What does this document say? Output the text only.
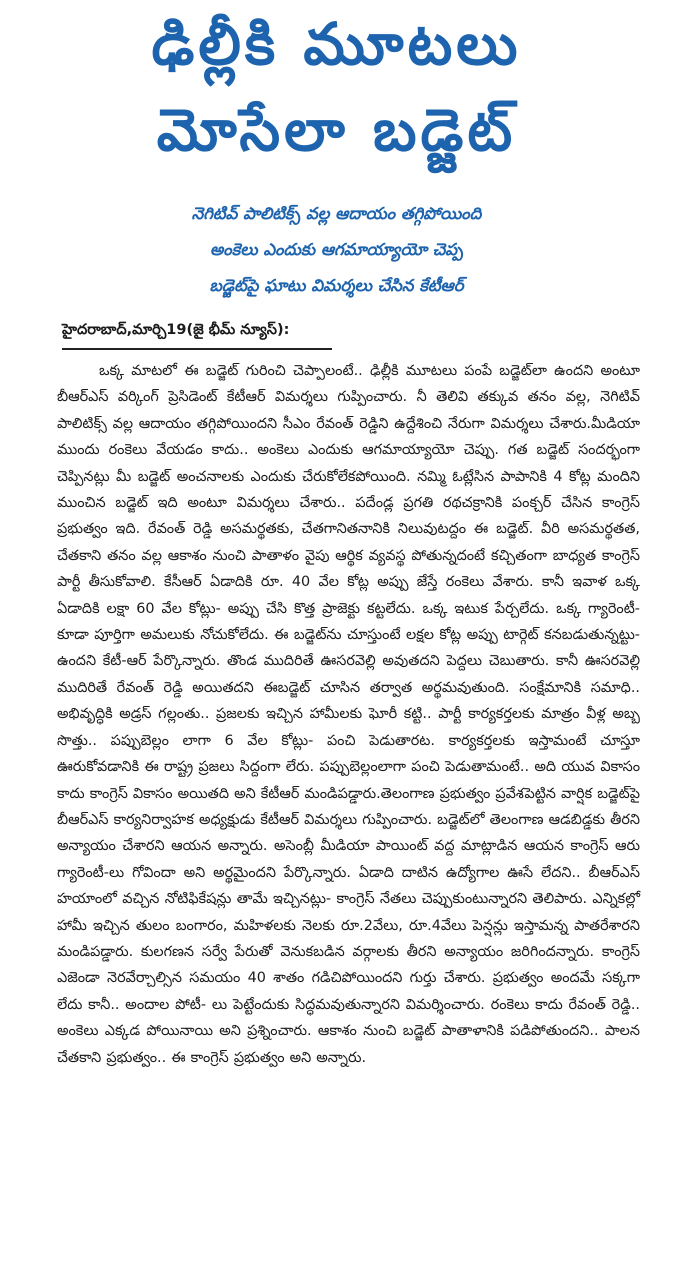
ఢిల్లీకి మూటలు
మోసేలా బడ్జెట్
నెగిటివ్ పాలిటిక్స్ వల్ల ఆదాయం తగ్గిపోయింది
అంకెలు ఎందుకు ఆగమాయ్యాయో చెప్ప
బడ్జెట్‌పై ఘాటు విమర్శలు చేసిన కేటీఆర్
హైదరాబాద్,మార్చి19(జై భీమ్ న్యూస్):

ఒక్క మాటలో ఈ బడ్జెట్ గురించి చెప్పాలంటే.. ఢిల్లీకి మూటలు పంపే బడ్జెట్‌లా ఉందని అంటూ బీఆర్ఎస్ వర్కింగ్ ప్రెసిడెంట్ కేటీఆర్ విమర్శలు గుప్పించారు. నీ తెలివి తక్కువ తనం వల్ల, నెగిటివ్ పాలిటిక్స్ వల్ల ఆదాయం తగ్గిపోయిందని సీఎం రేవంత్ రెడ్డిని ఉద్దేశించి నేరుగా విమర్శలు చేశారు.మీడియా ముందు రంకెలు వేయడం కాదు.. అంకెలు ఎందుకు ఆగమాయ్యాయో చెప్పు. గత బడ్జెట్ సందర్భంగా చెప్పినట్లు మీ బడ్జెట్ అంచనాలకు ఎందుకు చేరుకోలేకపోయింది. నమ్మి ఓట్లేసిన పాపానికి 4 కోట్ల మందిని ముంచిన బడ్జెట్ ఇది అంటూ విమర్శలు చేశారు.. పదేండ్ల ప్రగతి రథచక్రానికి పంక్చర్ చేసిన కాంగ్రెస్ ప్రభుత్వం ఇది. రేవంత్ రెడ్డి అసమర్థతకు, చేతగానితనానికి నిలువుటద్దం ఈ బడ్జెట్. వీరి అసమర్థతత, చేతకాని తనం వల్ల ఆకాశం నుంచి పాతాళం వైపు ఆర్థిక వ్యవస్థ పోతున్నదంటే కచ్చితంగా బాధ్యత కాంగ్రెస్ పార్టీ తీసుకోవాలి. కేసీఆర్ ఏడాదికి రూ. 40 వేల కోట్ల అప్పు జేస్తే రంకెలు వేశారు. కానీ ఇవాళ ఒక్క ఏడాదికి లక్షా 60 వేల కోట్లు- అప్పు చేసి కొత్త ప్రాజెక్టు కట్టలేదు. ఒక్క ఇటుక పేర్చలేదు. ఒక్క గ్యారెంటీ- కూడా పూర్తిగా అమలుకు నోచుకోలేదు. ఈ బడ్జెట్‌ను చూస్తుంటే లక్షల కోట్ల అప్పు టార్గెట్ కనబడుతున్నట్టు- ఉందని కేటీ-ఆర్ పేర్కొన్నారు. తొండ ముదిరితే ఊసరవెల్లి అవుతదని పెద్దలు చెబుతారు. కానీ ఊసరవెల్లి ముదిరితే రేవంత్ రెడ్డి అయితదని ఈబడ్జెట్ చూసిన తర్వాత అర్థమవుతుంది. సంక్షేమానికి సమాధి.. అభివృద్ధికి అడ్రస్ గల్లంతు.. ప్రజలకు ఇచ్చిన హామీలకు ఘోరీ కట్టి.. పార్టీ కార్యకర్తలకు మాత్రం వీళ్ల అబ్బ సొత్తు.. పప్పుబెల్లం లాగా 6 వేల కోట్లు- పంచి పెడుతారట. కార్యకర్తలకు ఇస్తామంటే చూస్తూ ఊరుకోవడానికి ఈ రాష్ట్ర ప్రజలు సిద్దంగా లేరు. పప్పుబెల్లంలాగా పంచి పెడుతామంటే.. అది యువ వికాసం కాదు కాంగ్రెస్ వికాసం అయితది అని కేటీఆర్ మండిపడ్డారు.తెలంగాణ ప్రభుత్వం ప్రవేశపెట్టిన వార్షిక బడ్జెట్‌పై బీఆర్ఎస్ కార్యనిర్వాహక అధ్యక్షుడు కేటీఆర్ విమర్శలు గుప్పించారు. బడ్జెట్‌లో తెలంగాణ ఆడబిడ్డకు తీరని అన్యాయం చేశారని ఆయన అన్నారు. అసెంబ్లీ మీడియా పాయింట్ వద్ద మాట్లాడిన ఆయన కాంగ్రెస్ ఆరు గ్యారెంటీ-లు గోవిందా అని అర్థమైందని పేర్కొన్నారు. ఏడాది దాటిన ఉద్యోగాల ఊసే లేదని.. బీఆర్ఎస్ హయాంలో వచ్చిన నోటిఫికేషన్లు తామే ఇచ్చినట్లు- కాంగ్రెస్ నేతలు చెప్పుకుంటున్నారని తెలిపారు. ఎన్నికల్లో హామీ ఇచ్చిన తులం బంగారం, మహిళలకు నెలకు రూ.2వేలు, రూ.4వేలు పెన్షన్లు ఇస్తామన్న పాతరేశారని మండిపడ్డారు. కులగణన సర్వే పేరుతో వెనుకబడిన వర్గాలకు తీరని అన్యాయం జరిగిందన్నారు. కాంగ్రెస్ ఎజెండా నెరవేర్చాల్సిన సమయం 40 శాతం గడిచిపోయిందని గుర్తు చేశారు. ప్రభుత్వం అందమే సక్కగా లేదు కానీ.. అందాల పోటీ- లు పెట్టేందుకు సిద్ధమవుతున్నారని విమర్శించారు. రంకెలు కాదు రేవంత్ రెడ్డి.. అంకెలు ఎక్కడ పోయినాయి అని ప్రశ్నించారు. ఆకాశం నుంచి బడ్జెట్ పాతాళానికి పడిపోతుందని.. పాలన చేతకాని ప్రభుత్వం.. ఈ కాంగ్రెస్ ప్రభుత్వం అని అన్నారు.
